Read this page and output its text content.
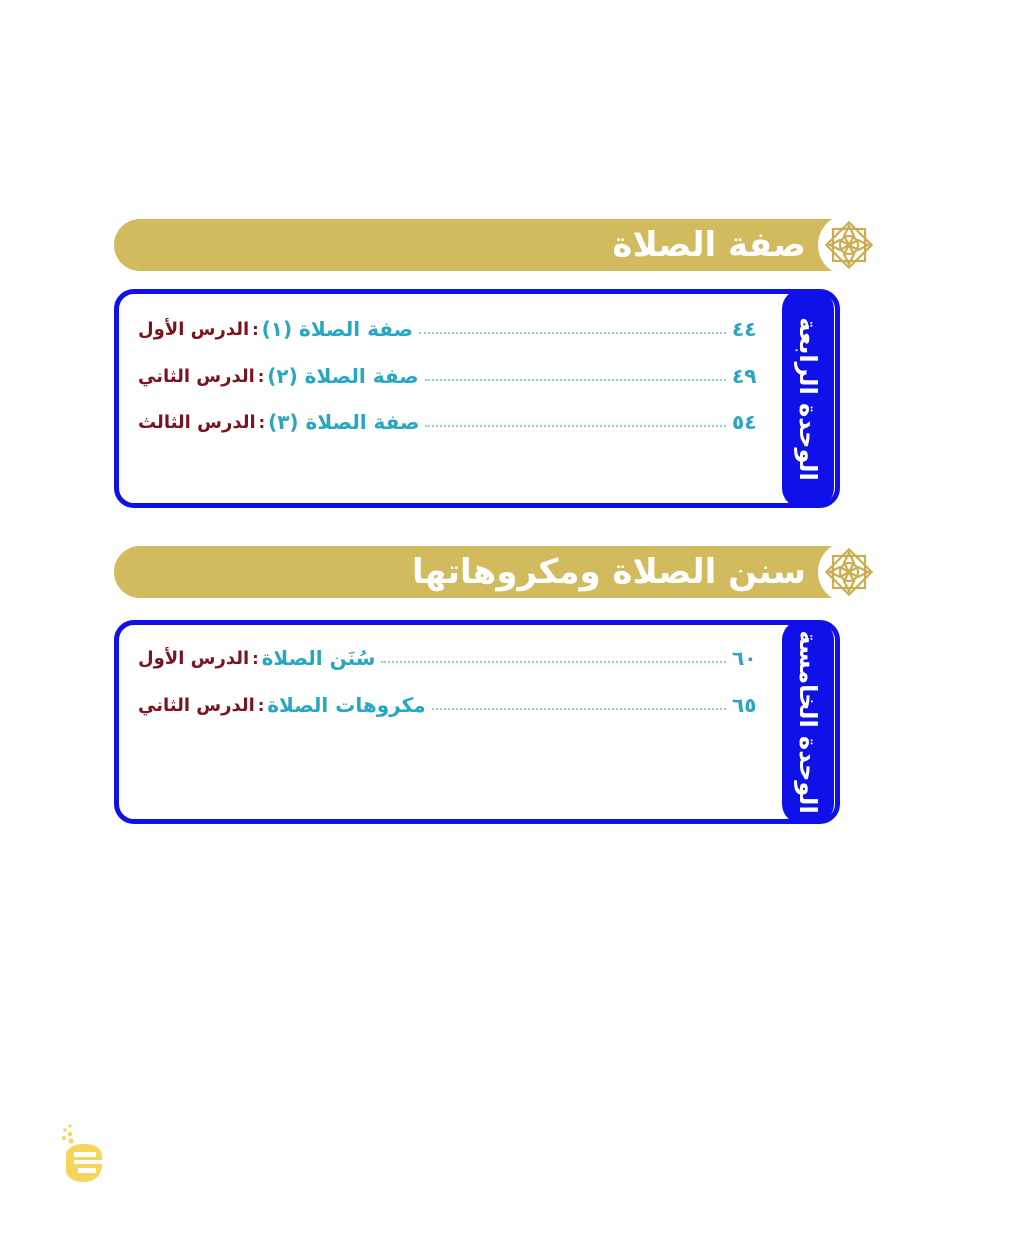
صفة الصلاة
الوحدة الرابعة
الدرس الأول : صفة الصلاة (١)	٤٤
الدرس الثاني : صفة الصلاة (٢)	٤٩
الدرس الثالث : صفة الصلاة (٣)	٥٤
سنن الصلاة ومكروهاتها
الوحدة الخامسة
الدرس الأول : سُنَن الصلاة	٦٠
الدرس الثاني : مكروهات الصلاة	٦٥
